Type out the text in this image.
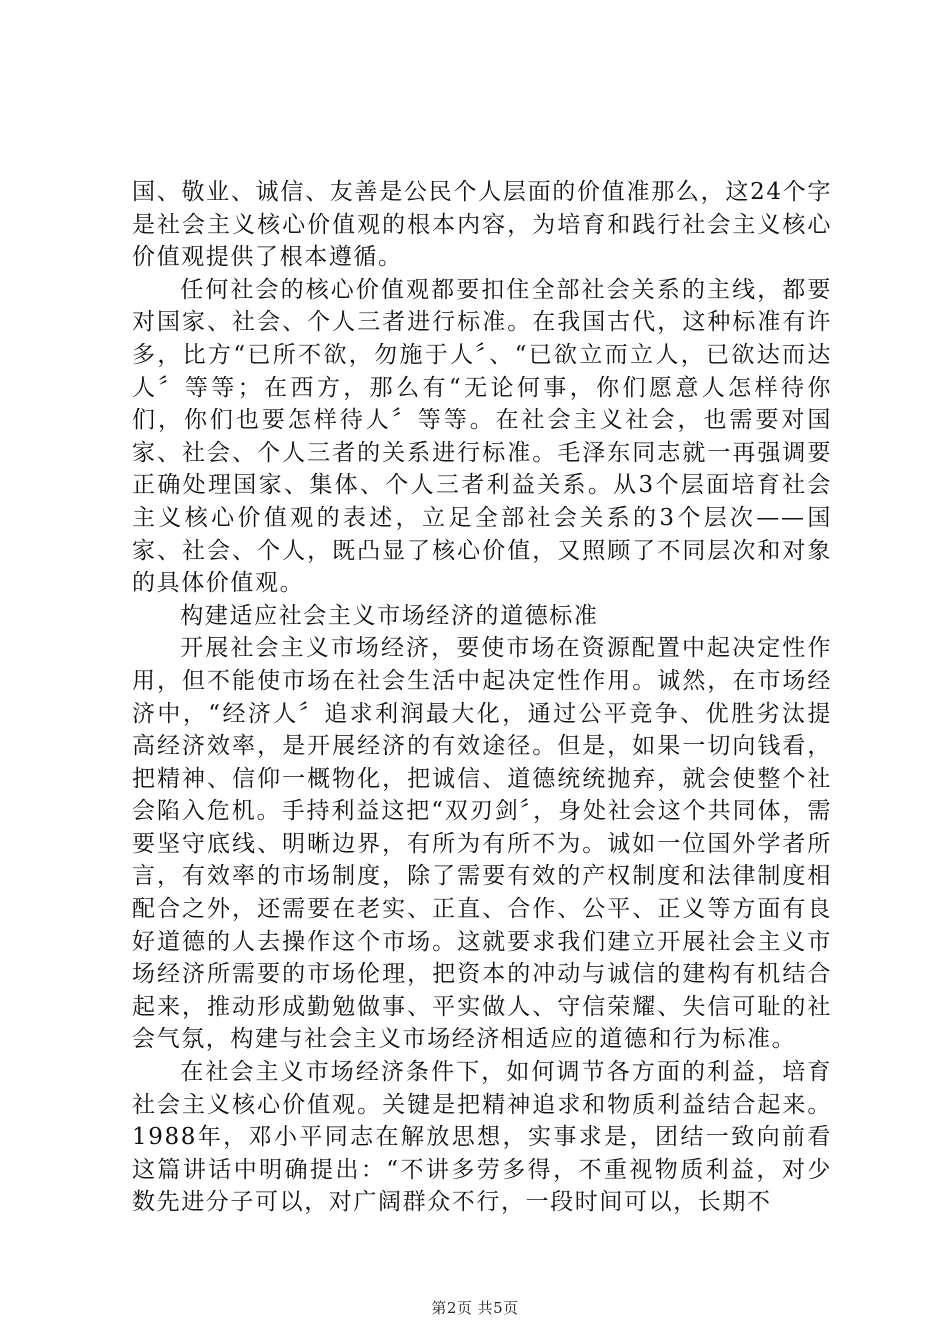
国、敬业、诚信、友善是公民个人层面的价值准那么，这24个字是社会主义核心价值观的根本内容，为培育和践行社会主义核心价值观提供了根本遵循。

任何社会的核心价值观都要扣住全部社会关系的主线，都要对国家、社会、个人三者进行标准。在我国古代，这种标准有许多，比方“已所不欲，勿施于人〞、“已欲立而立人，已欲达而达人〞等等；在西方，那么有“无论何事，你们愿意人怎样待你们，你们也要怎样待人〞等等。在社会主义社会，也需要对国家、社会、个人三者的关系进行标准。毛泽东同志就一再强调要正确处理国家、集体、个人三者利益关系。从3个层面培育社会主义核心价值观的表述，立足全部社会关系的3个层次——国家、社会、个人，既凸显了核心价值，又照顾了不同层次和对象的具体价值观。

构建适应社会主义市场经济的道德标准

开展社会主义市场经济，要使市场在资源配置中起决定性作用，但不能使市场在社会生活中起决定性作用。诚然，在市场经济中，“经济人〞追求利润最大化，通过公平竞争、优胜劣汰提高经济效率，是开展经济的有效途径。但是，如果一切向钱看，把精神、信仰一概物化，把诚信、道德统统抛弃，就会使整个社会陷入危机。手持利益这把“双刃剑〞，身处社会这个共同体，需要坚守底线、明晰边界，有所为有所不为。诚如一位国外学者所言，有效率的市场制度，除了需要有效的产权制度和法律制度相配合之外，还需要在老实、正直、合作、公平、正义等方面有良好道德的人去操作这个市场。这就要求我们建立开展社会主义市场经济所需要的市场伦理，把资本的冲动与诚信的建构有机结合起来，推动形成勤勉做事、平实做人、守信荣耀、失信可耻的社会气氛，构建与社会主义市场经济相适应的道德和行为标准。

在社会主义市场经济条件下，如何调节各方面的利益，培育社会主义核心价值观。关键是把精神追求和物质利益结合起来。1988年，邓小平同志在解放思想，实事求是，团结一致向前看这篇讲话中明确提出：“不讲多劳多得，不重视物质利益，对少数先进分子可以，对广阔群众不行，一段时间可以，长期不

第2页 共5页
